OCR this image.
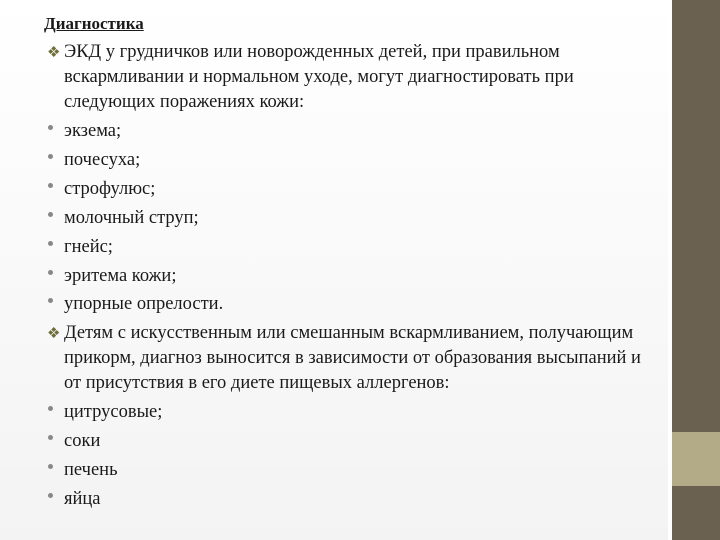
Диагностика
❖ ЭКД у грудничков или новорожденных детей, при правильном вскармливании и нормальном уходе, могут диагностировать при следующих поражениях кожи:
экзема;
почесуха;
строфулюс;
молочный струп;
гнейс;
эритема кожи;
упорные опрелости.
❖ Детям с искусственным или смешанным вскармливанием, получающим прикорм, диагноз выносится в зависимости от образования высыпаний и от присутствия в его диете пищевых аллергенов:
цитрусовые;
соки
печень
яйца
